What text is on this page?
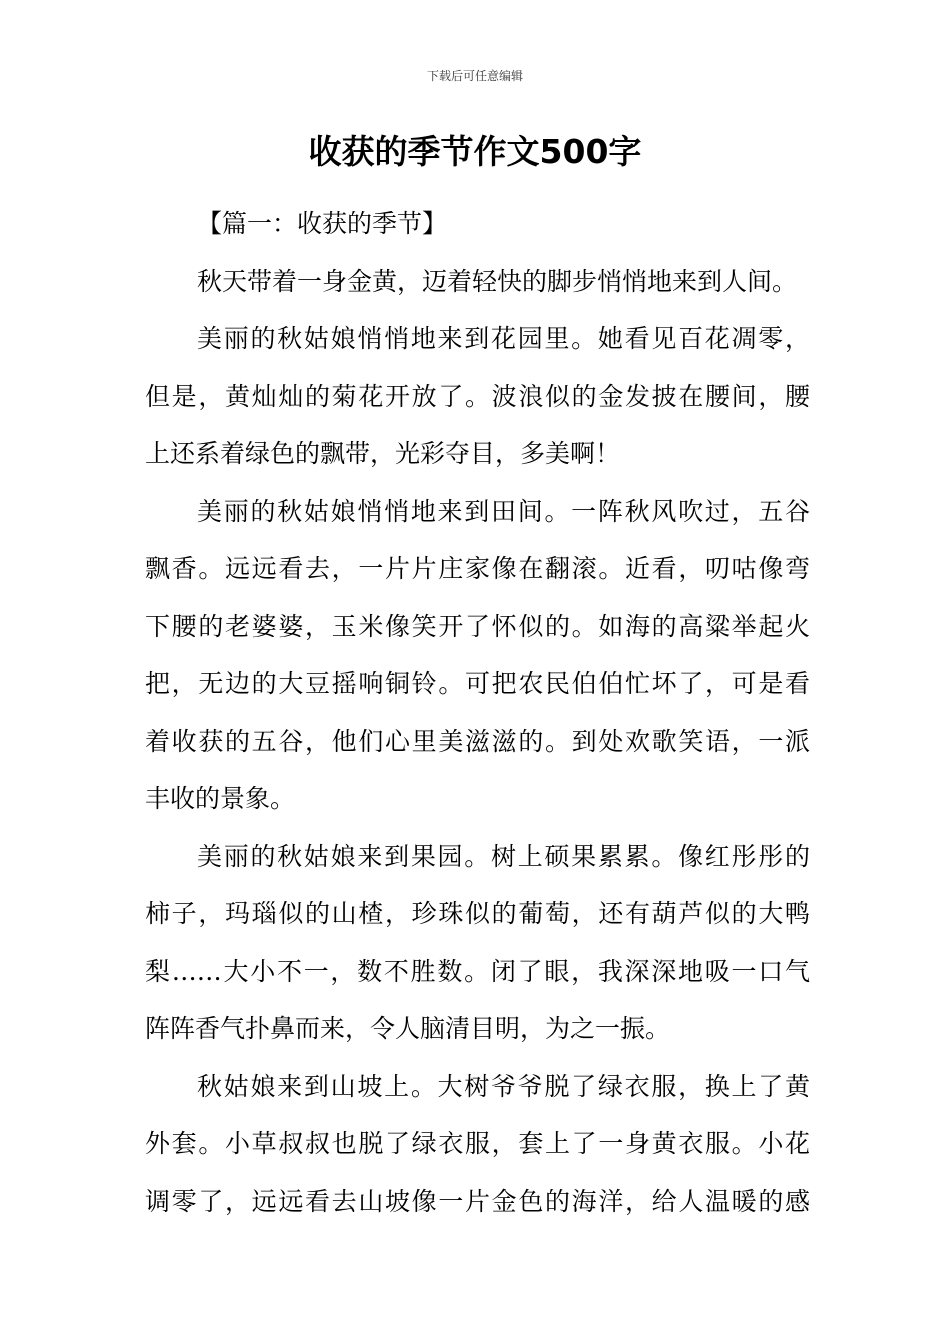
下载后可任意编辑
收获的季节作文500字

【篇一：收获的季节】

秋天带着一身金黄，迈着轻快的脚步悄悄地来到人间。

美丽的秋姑娘悄悄地来到花园里。她看见百花凋零，
但是，黄灿灿的菊花开放了。波浪似的金发披在腰间，腰
上还系着绿色的飘带，光彩夺目，多美啊！

美丽的秋姑娘悄悄地来到田间。一阵秋风吹过，五谷
飘香。远远看去，一片片庄家像在翻滚。近看，叨咕像弯
下腰的老婆婆，玉米像笑开了怀似的。如海的高粱举起火
把，无边的大豆摇响铜铃。可把农民伯伯忙坏了，可是看
着收获的五谷，他们心里美滋滋的。到处欢歌笑语，一派
丰收的景象。

美丽的秋姑娘来到果园。树上硕果累累。像红彤彤的
柿子，玛瑙似的山楂，珍珠似的葡萄，还有葫芦似的大鸭
梨……大小不一，数不胜数。闭了眼，我深深地吸一口气
阵阵香气扑鼻而来，令人脑清目明，为之一振。

秋姑娘来到山坡上。大树爷爷脱了绿衣服，换上了黄
外套。小草叔叔也脱了绿衣服，套上了一身黄衣服。小花
调零了，远远看去山坡像一片金色的海洋，给人温暖的感
